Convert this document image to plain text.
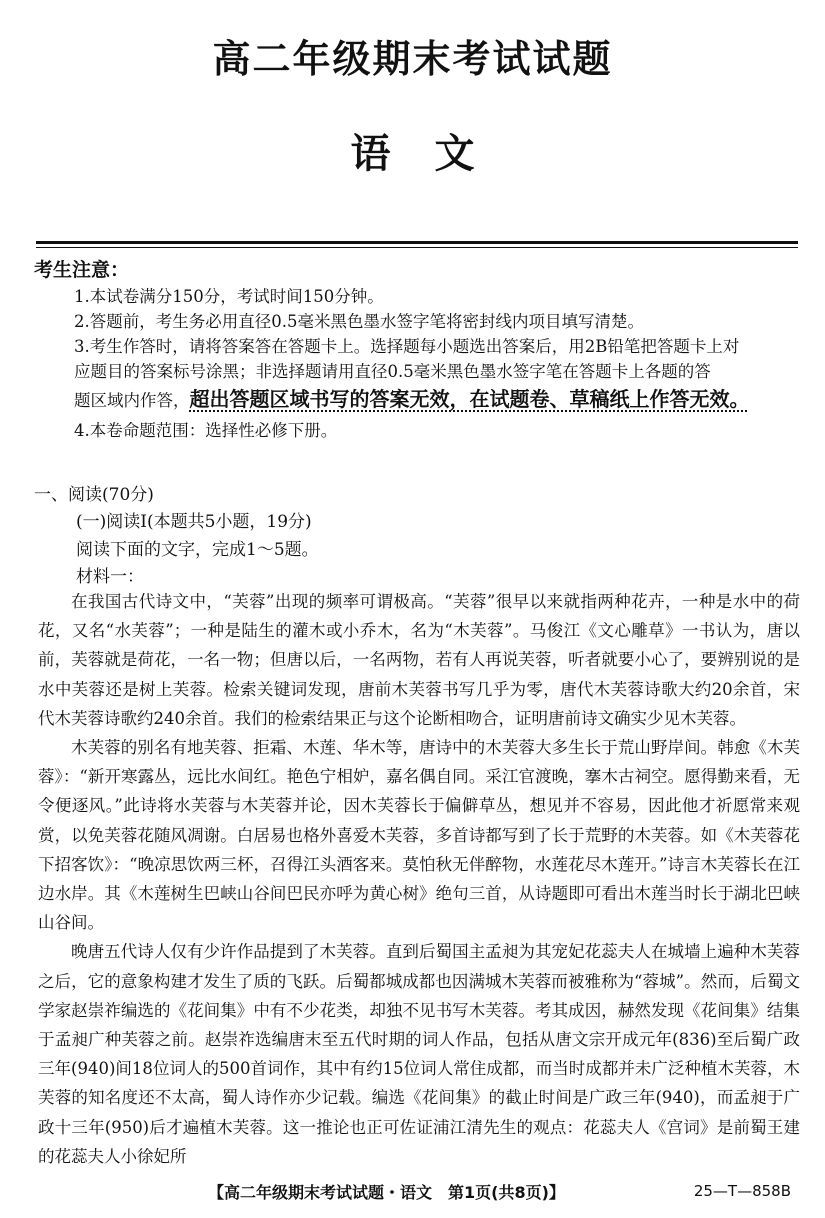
高二年级期末考试试题
语文
考生注意：
1.本试卷满分150分，考试时间150分钟。
2.答题前，考生务必用直径0.5毫米黑色墨水签字笔将密封线内项目填写清楚。
3.考生作答时，请将答案答在答题卡上。选择题每小题选出答案后，用2B铅笔把答题卡上对
应题目的答案标号涂黑；非选择题请用直径0.5毫米黑色墨水签字笔在答题卡上各题的答
题区域内作答，超出答题区域书写的答案无效，在试题卷、草稿纸上作答无效。
4.本卷命题范围：选择性必修下册。
一、阅读(70分)
(一)阅读Ⅰ(本题共5小题，19分)
阅读下面的文字，完成1～5题。
材料一：

在我国古代诗文中，“芙蓉”出现的频率可谓极高。“芙蓉”很早以来就指两种花卉，一种是水中的荷花，又名“水芙蓉”；一种是陆生的灌木或小乔木，名为“木芙蓉”。马俊江《文心雕草》一书认为，唐以前，芙蓉就是荷花，一名一物；但唐以后，一名两物，若有人再说芙蓉，听者就要小心了，要辨别说的是水中芙蓉还是树上芙蓉。检索关键词发现，唐前木芙蓉书写几乎为零，唐代木芙蓉诗歌大约20余首，宋代木芙蓉诗歌约240余首。我们的检索结果正与这个论断相吻合，证明唐前诗文确实少见木芙蓉。

木芙蓉的别名有地芙蓉、拒霜、木莲、华木等，唐诗中的木芙蓉大多生长于荒山野岸间。韩愈《木芙蓉》：“新开寒露丛，远比水间红。艳色宁相妒，嘉名偶自同。采江官渡晚，搴木古祠空。愿得勤来看，无令便逐风。”此诗将水芙蓉与木芙蓉并论，因木芙蓉长于偏僻草丛，想见并不容易，因此他才祈愿常来观赏，以免芙蓉花随风凋谢。白居易也格外喜爱木芙蓉，多首诗都写到了长于荒野的木芙蓉。如《木芙蓉花下招客饮》：“晚凉思饮两三杯，召得江头酒客来。莫怕秋无伴醉物，水莲花尽木莲开。”诗言木芙蓉长在江边水岸。其《木莲树生巴峡山谷间巴民亦呼为黄心树》绝句三首，从诗题即可看出木莲当时长于湖北巴峡山谷间。

晚唐五代诗人仅有少许作品提到了木芙蓉。直到后蜀国主孟昶为其宠妃花蕊夫人在城墙上遍种木芙蓉之后，它的意象构建才发生了质的飞跃。后蜀都城成都也因满城木芙蓉而被雅称为“蓉城”。然而，后蜀文学家赵崇祚编选的《花间集》中有不少花类，却独不见书写木芙蓉。考其成因，赫然发现《花间集》结集于孟昶广种芙蓉之前。赵崇祚选编唐末至五代时期的词人作品，包括从唐文宗开成元年(836)至后蜀广政三年(940)间18位词人的500首词作，其中有约15位词人常住成都，而当时成都并未广泛种植木芙蓉，木芙蓉的知名度还不太高，蜀人诗作亦少记载。编选《花间集》的截止时间是广政三年(940)，而孟昶于广政十三年(950)后才遍植木芙蓉。这一推论也正可佐证浦江清先生的观点：花蕊夫人《宫词》是前蜀王建的花蕊夫人小徐妃所

【高二年级期末考试试题・语文　第1页(共8页)】	25—T—858B
